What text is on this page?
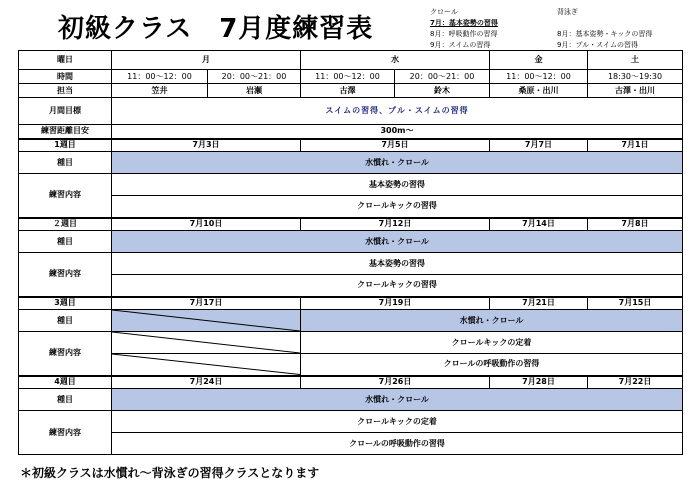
初級クラス　7月度練習表
クロール
7月：基本姿勢の習得
8月：呼吸動作の習得
9月：スイムの習得
背泳ぎ
8月：基本姿勢・キックの習得
9月：プル・スイムの習得
曜日	月		水		金	土
時間	11：00〜12：00	20：00〜21：00	11：00〜12：00	20：00〜21：00	11：00〜12：00	18:30〜19:30
担当	笠井	岩瀬	古澤	鈴木	桑原・出川	古澤・出川
月間目標	スイムの習得、プル・スイムの習得					
練習距離目安	300m〜					
1週目	7月3日		7月5日		7月7日	7月1日
種目	水慣れ・クロール					
練習内容	基本姿勢の習得					
	クロールキックの習得					
２週目	7月10日		7月12日		7月14日	7月8日
種目	水慣れ・クロール					
練習内容	基本姿勢の習得					
	クロールキックの習得					
3週目	7月17日		7月19日		7月21日	7月15日
種目			水慣れ・クロール			
練習内容			クロールキックの定着			

	クロールの呼吸動作の習得			
4週目	7月24日		7月26日		7月28日	7月22日
種目	水慣れ・クロール					
練習内容	クロールキックの定着					
	クロールの呼吸動作の習得					
＊初級クラスは水慣れ〜背泳ぎの習得クラスとなります
